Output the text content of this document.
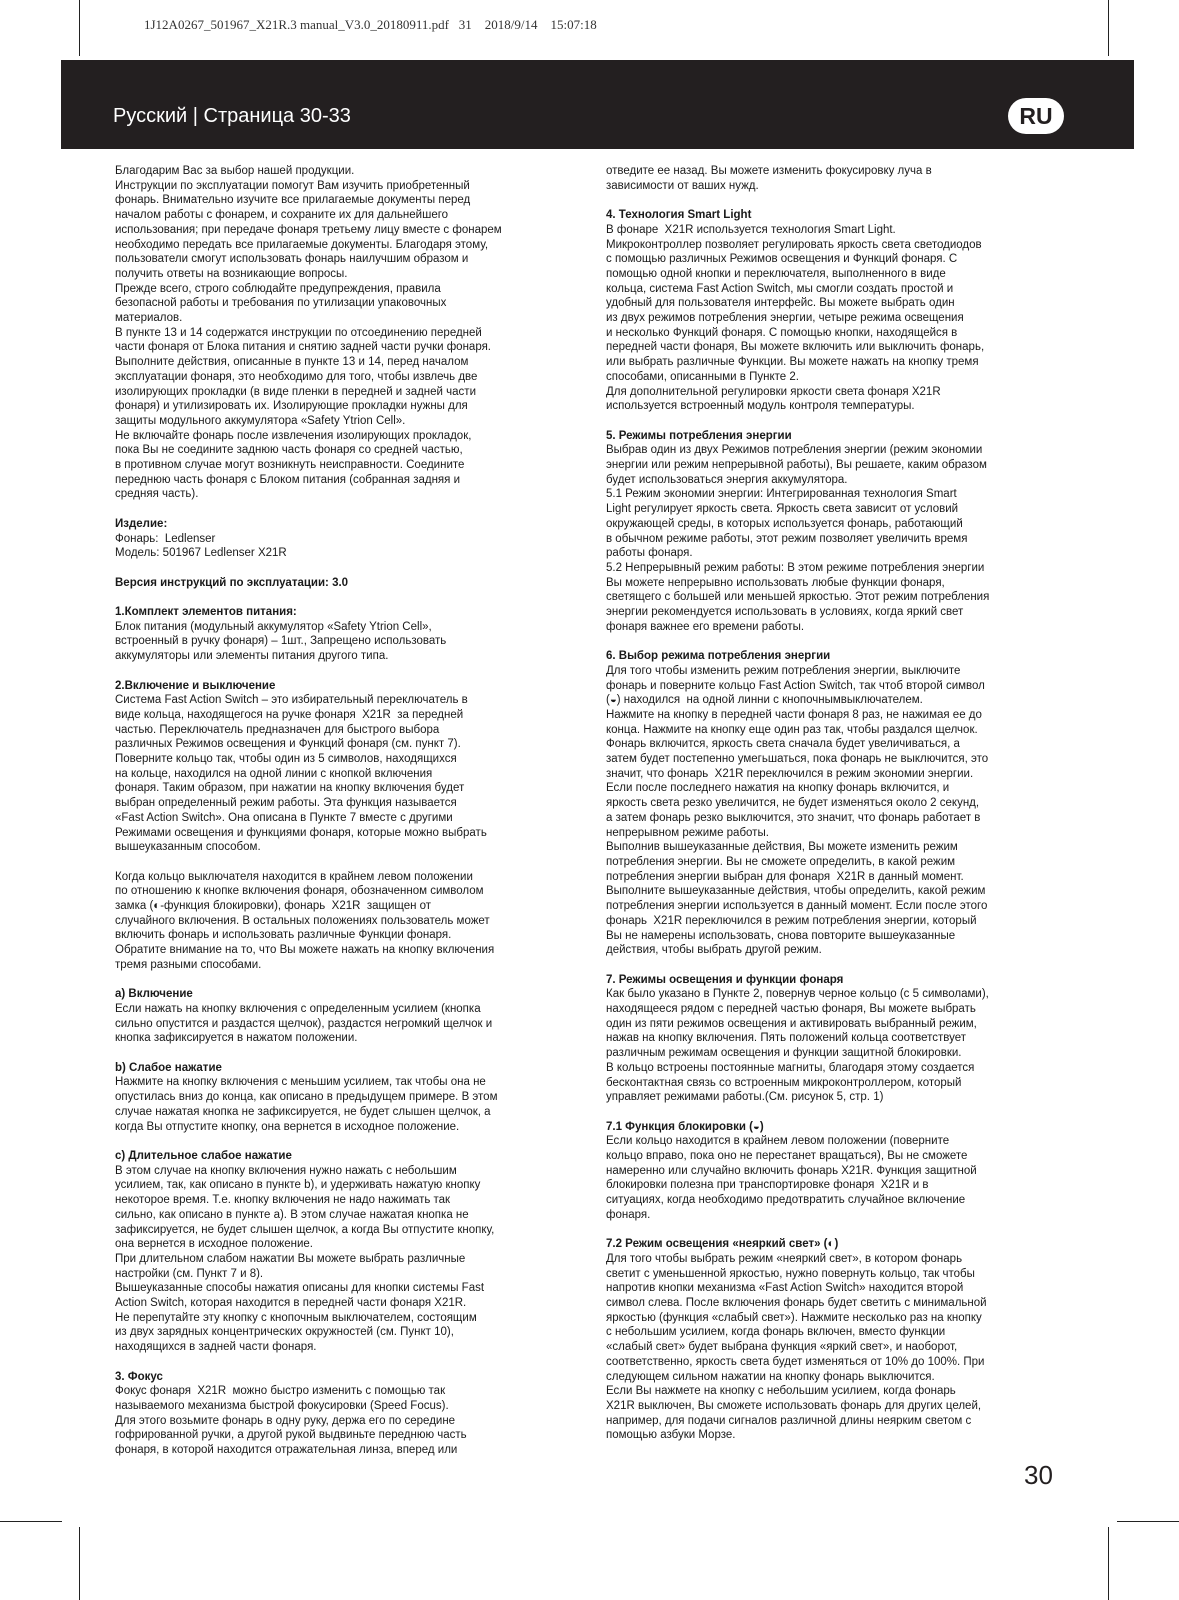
1J12A0267_501967_X21R.3 manual_V3.0_20180911.pdf   31    2018/9/14    15:07:18
Русский | Страница 30-33	RU

Благодарим Вас за выбор нашей продукции.

Инструкции по эксплуатации помогут Вам изучить приобретенный

фонарь. Внимательно изучите все прилагаемые документы перед

началом работы с фонарем, и сохраните их для дальнейшего

использования; при передаче фонаря третьему лицу вместе с фонарем

необходимо передать все прилагаемые документы. Благодаря этому,

пользователи смогут использовать фонарь наилучшим образом и

получить ответы на возникающие вопросы.

Прежде всего, строго соблюдайте предупреждения, правила

безопасной работы и требования по утилизации упаковочных

материалов.

В пункте 13 и 14 содержатся инструкции по отсоединению передней

части фонаря от Блока питания и снятию задней части ручки фонаря.

Выполните действия, описанные в пункте 13 и 14, перед началом

эксплуатации фонаря, это необходимо для того, чтобы извлечь две

изолирующих прокладки (в виде пленки в передней и задней части

фонаря) и утилизировать их. Изолирующие прокладки нужны для

защиты модульного аккумулятора «Safety Ytrion Cell».

Не включайте фонарь после извлечения изолирующих прокладок,

пока Вы не соедините заднюю часть фонаря со средней частью,

в противном случае могут возникнуть неисправности. Соедините

переднюю часть фонаря с Блоком питания (собранная задняя и

средняя часть).

Изделие:

Фонарь:  Ledlenser

Модель: 501967 Ledlenser X21R

Версия инструкций по эксплуатации: 3.0

1.Комплект элементов питания:

Блок питания (модульный аккумулятор «Safety Ytrion Cell»,

встроенный в ручку фонаря) – 1шт., Запрещено использовать

аккумуляторы или элементы питания другого типа.

2.Включение и выключение

Система Fast Action Switch – это избирательный переключатель в

виде кольца, находящегося на ручке фонаря  X21R  за передней

частью. Переключатель предназначен для быстрого выбора

различных Режимов освещения и Функций фонаря (см. пункт 7).

Поверните кольцо так, чтобы один из 5 символов, находящихся

на кольце, находился на одной линии с кнопкой включения

фонаря. Таким образом, при нажатии на кнопку включения будет

выбран определенный режим работы. Эта функция называется

«Fast Action Switch». Она описана в Пункте 7 вместе с другими

Режимами освещения и функциями фонаря, которые можно выбрать

вышеуказанным способом.

Когда кольцо выключателя находится в крайнем левом положении

по отношению к кнопке включения фонаря, обозначенном символом

замка (◐-функция блокировки), фонарь  X21R  защищен от

случайного включения. В остальных положениях пользователь может

включить фонарь и использовать различные Функции фонаря.

Обратите внимание на то, что Вы можете нажать на кнопку включения

тремя разными способами.

a) Включение

Если нажать на кнопку включения с определенным усилием (кнопка

сильно опустится и раздастся щелчок), раздастся негромкий щелчок и

кнопка зафиксируется в нажатом положении.

b) Слабое нажатие

Нажмите на кнопку включения с меньшим усилием, так чтобы она не

опустилась вниз до конца, как описано в предыдущем примере. В этом

случае нажатая кнопка не зафиксируется, не будет слышен щелчок, а

когда Вы отпустите кнопку, она вернется в исходное положение.

c) Длительное слабое нажатие

В этом случае на кнопку включения нужно нажать с небольшим

усилием, так, как описано в пункте b), и удерживать нажатую кнопку

некоторое время. Т.е. кнопку включения не надо нажимать так

сильно, как описано в пункте a). В этом случае нажатая кнопка не

зафиксируется, не будет слышен щелчок, а когда Вы отпустите кнопку,

она вернется в исходное положение.

При длительном слабом нажатии Вы можете выбрать различные

настройки (см. Пункт 7 и 8).

Вышеуказанные способы нажатия описаны для кнопки системы Fast

Action Switch, которая находится в передней части фонаря X21R.

Не перепутайте эту кнопку с кнопочным выключателем, состоящим

из двух зарядных концентрических окружностей (см. Пункт 10),

находящихся в задней части фонаря.

3. Фокус

Фокус фонаря  X21R  можно быстро изменить с помощью так

называемого механизма быстрой фокусировки (Speed Focus).

Для этого возьмите фонарь в одну руку, держа его по середине

гофрированной ручки, а другой рукой выдвиньте переднюю часть

фонаря, в которой находится отражательная линза, вперед или

отведите ее назад. Вы можете изменить фокусировку луча в

зависимости от ваших нужд.

4. Технология Smart Light

В фонаре  X21R используется технология Smart Light.

Микроконтроллер позволяет регулировать яркость света светодиодов

с помощью различных Режимов освещения и Функций фонаря. С

помощью одной кнопки и переключателя, выполненного в виде

кольца, система Fast Action Switch, мы смогли создать простой и

удобный для пользователя интерфейс. Вы можете выбрать один

из двух режимов потребления энергии, четыре режима освещения

и несколько Функций фонаря. С помощью кнопки, находящейся в

передней части фонаря, Вы можете включить или выключить фонарь,

или выбрать различные Функции. Вы можете нажать на кнопку тремя

способами, описанными в Пункте 2.

Для дополнительной регулировки яркости света фонаря X21R

используется встроенный модуль контроля температуры.

5. Режимы потребления энергии

Выбрав один из двух Режимов потребления энергии (режим экономии

энергии или режим непрерывной работы), Вы решаете, каким образом

будет использоваться энергия аккумулятора.

5.1 Режим экономии энергии: Интегрированная технология Smart

Light регулирует яркость света. Яркость света зависит от условий

окружающей среды, в которых используется фонарь, работающий

в обычном режиме работы, этот режим позволяет увеличить время

работы фонаря.

5.2 Непрерывный режим работы: В этом режиме потребления энергии

Вы можете непрерывно использовать любые функции фонаря,

светящего с большей или меньшей яркостью. Этот режим потребления

энергии рекомендуется использовать в условиях, когда яркий свет

фонаря важнее его времени работы.

6. Выбор режима потребления энергии

Для того чтобы изменить режим потребления энергии, выключите

фонарь и поверните кольцо Fast Action Switch, так чтоб второй символ

(◒) находился  на одной линни с кнопочнымвыключателем.

Нажмите на кнопку в передней части фонаря 8 раз, не нажимая ее до

конца. Нажмите на кнопку еще один раз так, чтобы раздался щелчок.

Фонарь включится, яркость света сначала будет увеличиваться, а

затем будет постепенно умегьшаться, пока фонарь не выключится, это

значит, что фонарь  X21R переключился в режим экономии энергии.

Если после последнего нажатия на кнопку фонарь включится, и

яркость света резко увеличится, не будет изменяться около 2 секунд,

а затем фонарь резко выключится, это значит, что фонарь работает в

непрерывном режиме работы.

Выполнив вышеуказанные действия, Вы можете изменить режим

потребления энергии. Вы не сможете определить, в какой режим

потребления энергии выбран для фонаря  X21R в данный момент.

Выполните вышеуказанные действия, чтобы определить, какой режим

потребления энергии используется в данный момент. Если после этого

фонарь  X21R переключился в режим потребления энергии, который

Вы не намерены использовать, снова повторите вышеуказанные

действия, чтобы выбрать другой режим.

7. Режимы освещения и функции фонаря

Как было указано в Пункте 2, повернув черное кольцо (с 5 символами),

находящееся рядом с передней частью фонаря, Вы можете выбрать

один из пяти режимов освещения и активировать выбранный режим,

нажав на кнопку включения. Пять положений кольца соответствует

различным режимам освещения и функции защитной блокировки.

В кольцо встроены постоянные магниты, благодаря этому создается

бесконтактная связь со встроенным микроконтроллером, который

управляет режимами работы.(См. рисунок 5, стр. 1)

7.1 Функция блокировки (◒)

Если кольцо находится в крайнем левом положении (поверните

кольцо вправо, пока оно не перестанет вращаться), Вы не сможете

намеренно или случайно включить фонарь X21R. Функция защитной

блокировки полезна при транспортировке фонаря  X21R и в

ситуациях, когда необходимо предотвратить случайное включение

фонаря.

7.2 Режим освещения «неяркий свет» (◐)

Для того чтобы выбрать режим «неяркий свет», в котором фонарь

светит с уменьшенной яркостью, нужно повернуть кольцо, так чтобы

напротив кнопки механизма «Fast Action Switch» находится второй

символ слева. После включения фонарь будет светить с минимальной

яркостью (функция «слабый свет»). Нажмите несколько раз на кнопку

с небольшим усилием, когда фонарь включен, вместо функции

«слабый свет» будет выбрана функция «яркий свет», и наоборот,

соответственно, яркость света будет изменяться от 10% до 100%. При

следующем сильном нажатии на кнопку фонарь выключится.

Если Вы нажмете на кнопку с небольшим усилием, когда фонарь

X21R выключен, Вы сможете использовать фонарь для других целей,

например, для подачи сигналов различной длины неярким светом с

помощью азбуки Морзе.

30
